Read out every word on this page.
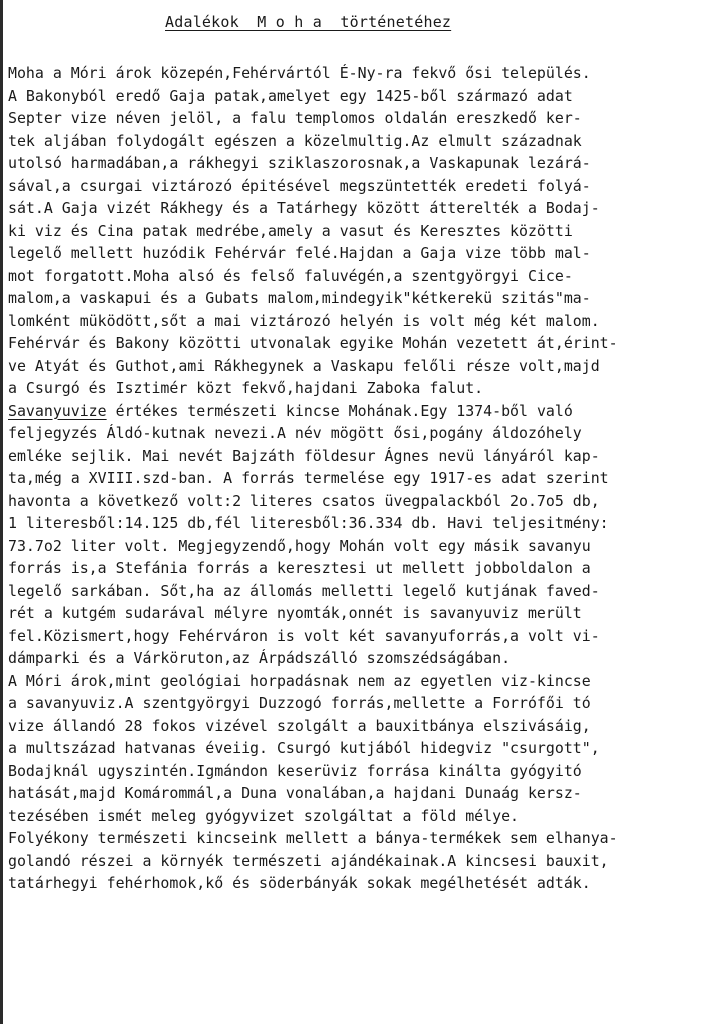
Adalékok  M o h a  történetéhez
Moha a Móri árok közepén,Fehérvártól É-Ny-ra fekvő ősi település.
A Bakonyból eredő Gaja patak,amelyet egy 1425-ből származó adat
Septer vize néven jelöl, a falu templomos oldalán ereszkedő ker-
tek aljában folydogált egészen a közelmultig.Az elmult századnak
utolsó harmadában,a rákhegyi sziklaszorosnak,a Vaskapunak lezárá-
sával,a csurgai viztározó épitésével megszüntették eredeti folyá-
sát.A Gaja vizét Rákhegy és a Tatárhegy között átterelték a Bodaj-
ki viz és Cina patak medrébe,amely a vasut és Keresztes közötti
legelő mellett huzódik Fehérvár felé.Hajdan a Gaja vize több mal-
mot forgatott.Moha alsó és felső faluvégén,a szentgyörgyi Cice-
malom,a vaskapui és a Gubats malom,mindegyik"kétkerekü szitás"ma-
lomként müködött,sőt a mai viztározó helyén is volt még két malom.
Fehérvár és Bakony közötti utvonalak egyike Mohán vezetett át,érint-
ve Atyát és Guthot,ami Rákhegynek a Vaskapu felőli része volt,majd
a Csurgó és Isztimér közt fekvő,hajdani Zaboka falut.
Savanyuvize értékes természeti kincse Mohának.Egy 1374-ből való
feljegyzés Áldó-kutnak nevezi.A név mögött ősi,pogány áldozóhely
emléke sejlik. Mai nevét Bajzáth földesur Ágnes nevü lányáról kap-
ta,még a XVIII.szd-ban. A forrás termelése egy 1917-es adat szerint
havonta a következő volt:2 literes csatos üvegpalackból 2o.7o5 db,
1 literesből:14.125 db,fél literesből:36.334 db. Havi teljesitmény:
73.7o2 liter volt. Megjegyzendő,hogy Mohán volt egy másik savanyu
forrás is,a Stefánia forrás a keresztesi ut mellett jobboldalon a
legelő sarkában. Sőt,ha az állomás melletti legelő kutjának faved-
rét a kutgém sudarával mélyre nyomták,onnét is savanyuviz merült
fel.Közismert,hogy Fehérváron is volt két savanyuforrás,a volt vi-
dámparki és a Várköruton,az Árpádszálló szomszédságában.
A Móri árok,mint geológiai horpadásnak nem az egyetlen viz-kincse
a savanyuviz.A szentgyörgyi Duzzogó forrás,mellette a Forrófői tó
vize állandó 28 fokos vizével szolgált a bauxitbánya elszivásáig,
a multszázad hatvanas éveiig. Csurgó kutjából hidegviz "csurgott",
Bodajknál ugyszintén.Igmándon keserüviz forrása kinálta gyógyitó
hatását,majd Komárommál,a Duna vonalában,a hajdani Dunaág kersz-
tezésében ismét meleg gyógyvizet szolgáltat a föld mélye.
Folyékony természeti kincseink mellett a bánya-termékek sem elhanya-
golandó részei a környék természeti ajándékainak.A kincsesi bauxit,
tatárhegyi fehérhomok,kő és söderbányák sokak megélhetését adták.
